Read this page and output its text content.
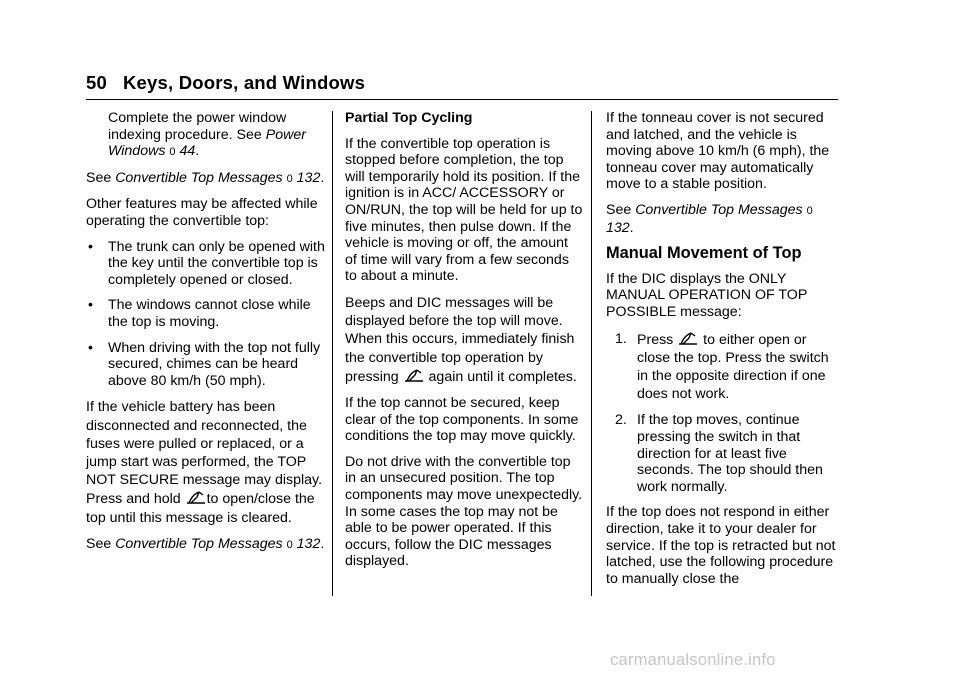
50 Keys, Doors, and Windows

Complete the power window indexing procedure. See Power Windows 0 44.

See Convertible Top Messages 0 132.

Other features may be affected while operating the convertible top:

• The trunk can only be opened with the key until the convertible top is completely opened or closed.
• The windows cannot close while the top is moving.
• When driving with the top not fully secured, chimes can be heard above 80 km/h (50 mph).

If the vehicle battery has been disconnected and reconnected, the fuses were pulled or replaced, or a jump start was performed, the TOP NOT SECURE message may display. Press and hold to open/close the top until this message is cleared.

See Convertible Top Messages 0 132.

Partial Top Cycling

If the convertible top operation is stopped before completion, the top will temporarily hold its position. If the ignition is in ACC/ ACCESSORY or ON/RUN, the top will be held for up to five minutes, then pulse down. If the vehicle is moving or off, the amount of time will vary from a few seconds to about a minute.

Beeps and DIC messages will be displayed before the top will move. When this occurs, immediately finish the convertible top operation by pressing again until it completes.

If the top cannot be secured, keep clear of the top components. In some conditions the top may move quickly.

Do not drive with the convertible top in an unsecured position. The top components may move unexpectedly. In some cases the top may not be able to be power operated. If this occurs, follow the DIC messages displayed.

If the tonneau cover is not secured and latched, and the vehicle is moving above 10 km/h (6 mph), the tonneau cover may automatically move to a stable position.

See Convertible Top Messages 0 132.

Manual Movement of Top

If the DIC displays the ONLY MANUAL OPERATION OF TOP POSSIBLE message:

1. Press to either open or close the top. Press the switch in the opposite direction if one does not work.
2. If the top moves, continue pressing the switch in that direction for at least five seconds. The top should then work normally.

If the top does not respond in either direction, take it to your dealer for service. If the top is retracted but not latched, use the following procedure to manually close the

carmanualsonline.info
